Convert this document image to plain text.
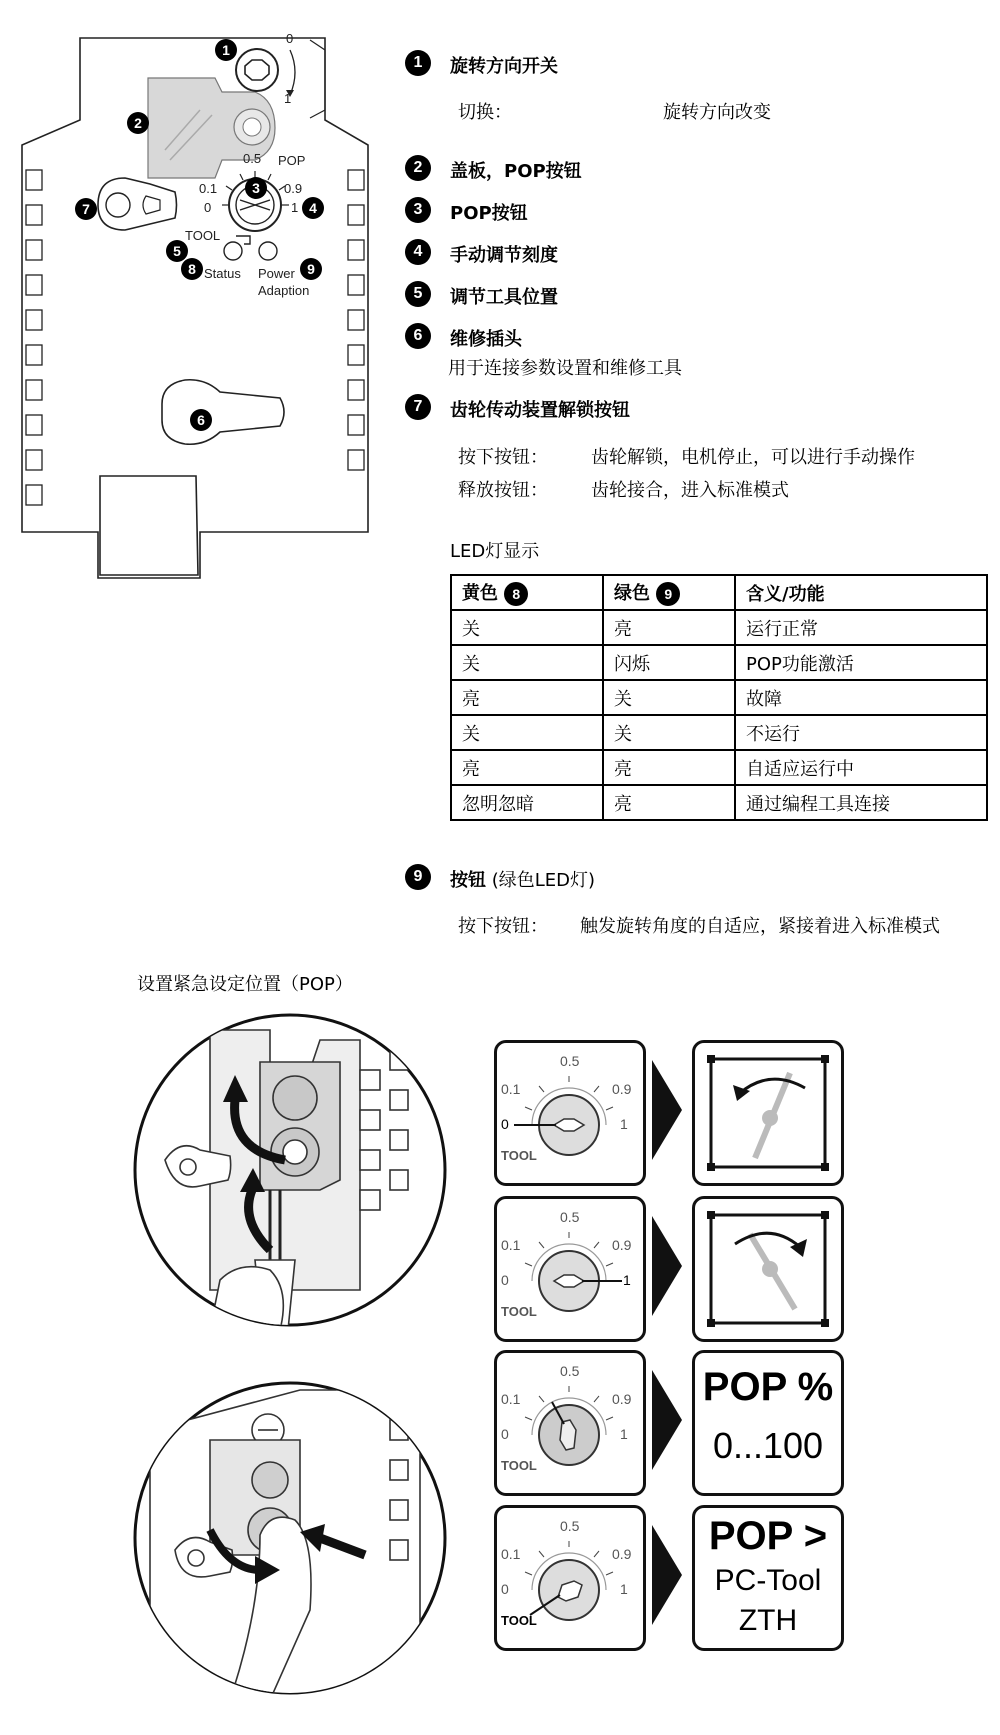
0
1
0.5 POP
0.1	0.9
0	1
TOOL
Status Power
Adaption
1
2
3
4
5
6
7
8	9
1	旋转方向开关
切换：	旋转方向改变
2	盖板，POP按钮
3	POP按钮
4	手动调节刻度
5	调节工具位置
6	维修插头
用于连接参数设置和维修工具
7	齿轮传动装置解锁按钮
按下按钮： 齿轮解锁，电机停止，可以进行手动操作
释放按钮： 齿轮接合，进入标准模式
LED灯显示
黄色 8	绿色 9	含义/功能
关	亮	运行正常
关	闪烁	POP功能激活
亮	关	故障
关	关	不运行
亮	亮	自适应运行中
忽明忽暗	亮	通过编程工具连接
9	按钮 (绿色LED灯)
按下按钮： 触发旋转角度的自适应，紧接着进入标准模式
设置紧急设定位置（POP）
0.5
0.1	0.9
0	1
TOOL
0.5
0.1	0.9
0	1
TOOL
0.5
0.1	0.9
0	1
TOOL
0.5
0.1	0.9
0	1
TOOL
POP %
0...100
POP >
PC-Tool
ZTH
